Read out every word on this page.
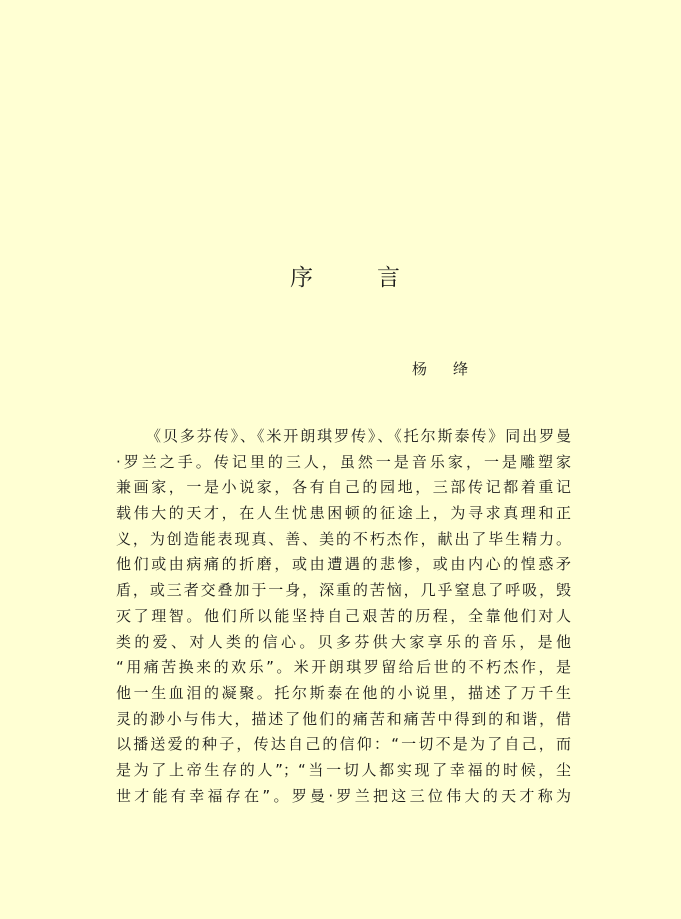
序	言
杨 绛
《贝多芬传》、《米开朗琪罗传》、《托尔斯泰传》同出罗曼
·罗兰之手。传记里的三人，虽然一是音乐家，一是雕塑家
兼画家，一是小说家，各有自己的园地，三部传记都着重记
载伟大的天才，在人生忧患困顿的征途上，为寻求真理和正
义，为创造能表现真、善、美的不朽杰作，献出了毕生精力。
他们或由病痛的折磨，或由遭遇的悲惨，或由内心的惶惑矛
盾，或三者交叠加于一身，深重的苦恼，几乎窒息了呼吸，毁
灭了理智。他们所以能坚持自己艰苦的历程，全靠他们对人
类的爱、对人类的信心。贝多芬供大家享乐的音乐，是他
“用痛苦换来的欢乐”。米开朗琪罗留给后世的不朽杰作，是
他一生血泪的凝聚。托尔斯泰在他的小说里，描述了万千生
灵的渺小与伟大，描述了他们的痛苦和痛苦中得到的和谐，借
以播送爱的种子，传达自己的信仰：“一切不是为了自己，而
是为了上帝生存的人”；“当一切人都实现了幸福的时候，尘
世才能有幸福存在”。罗曼·罗兰把这三位伟大的天才称为
